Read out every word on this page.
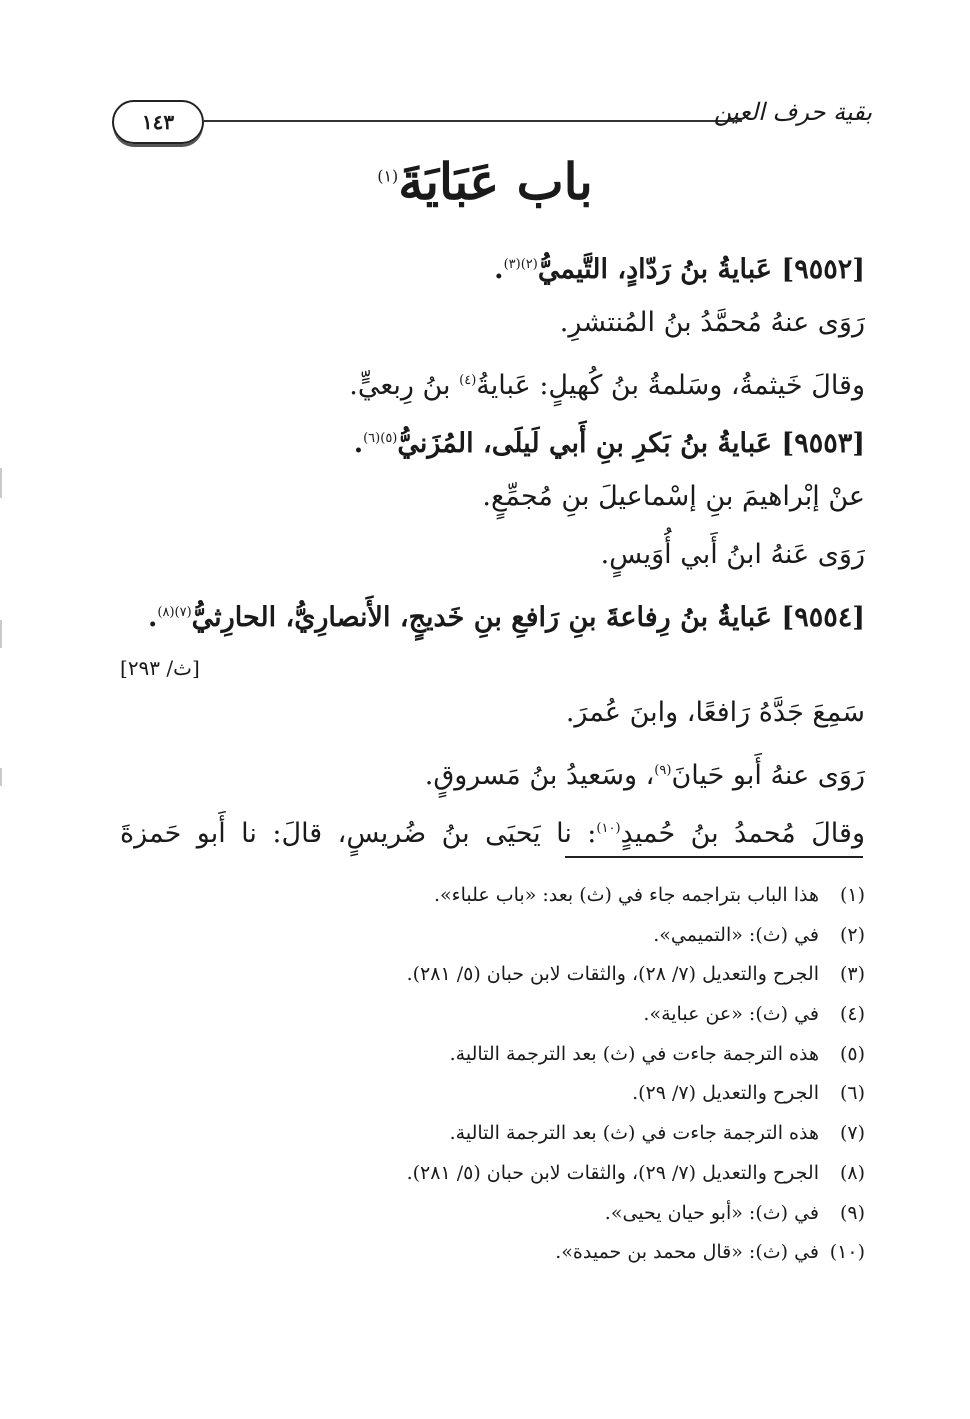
١٤٣	بقية حرف العين
باب عَبَايَةَ$^{(١)}$
[٩٥٥٢] عَبايةُ بنُ رَدّادٍ، التَّيميُّ$^{(٢)(٣)}$.
رَوَى عنهُ مُحمَّدُ بنُ المُنتشرِ.
وقالَ خَيثمةُ، وسَلمةُ بنُ كُهيلٍ: عَبايةُ$^{(٤)}$ بنُ رِبعيٍّ.
[٩٥٥٣] عَبايةُ بنُ بَكرِ بنِ أَبي لَيلَى، المُزَنيُّ$^{(٥)(٦)}$.
عنْ إبْراهيمَ بنِ إسْماعيلَ بنِ مُجمِّعٍ.
رَوَى عَنهُ ابنُ أَبي أُوَيسٍ.
[٩٥٥٤] عَبايةُ بنُ رِفاعةَ بنِ رَافعِ بنِ خَديجٍ، الأَنصارِيُّ، الحارِثيُّ$^{(٧)(٨)}$.
[ث/ ٢٩٣]
سَمِعَ جَدَّهُ رَافعًا، وابنَ عُمرَ.
رَوَى عنهُ أَبو حَيانَ$^{(٩)}$، وسَعيدُ بنُ مَسروقٍ.
وقالَ مُحمدُ بنُ حُميدٍ$^{(١٠)}$: نا يَحيَى بنُ ضُريسٍ، قالَ: نا أَبو حَمزةَ
(١)هذا الباب بتراجمه جاء في (ث) بعد: «باب علباء».
(٢)في (ث): «التميمي».
(٣)الجرح والتعديل (٧/ ٢٨)، والثقات لابن حبان (٥/ ٢٨١).
(٤)في (ث): «عن عباية».
(٥)هذه الترجمة جاءت في (ث) بعد الترجمة التالية.
(٦)الجرح والتعديل (٧/ ٢٩).
(٧)هذه الترجمة جاءت في (ث) بعد الترجمة التالية.
(٨)الجرح والتعديل (٧/ ٢٩)، والثقات لابن حبان (٥/ ٢٨١).
(٩)في (ث): «أبو حيان يحيى».
(١٠)في (ث): «قال محمد بن حميدة».
